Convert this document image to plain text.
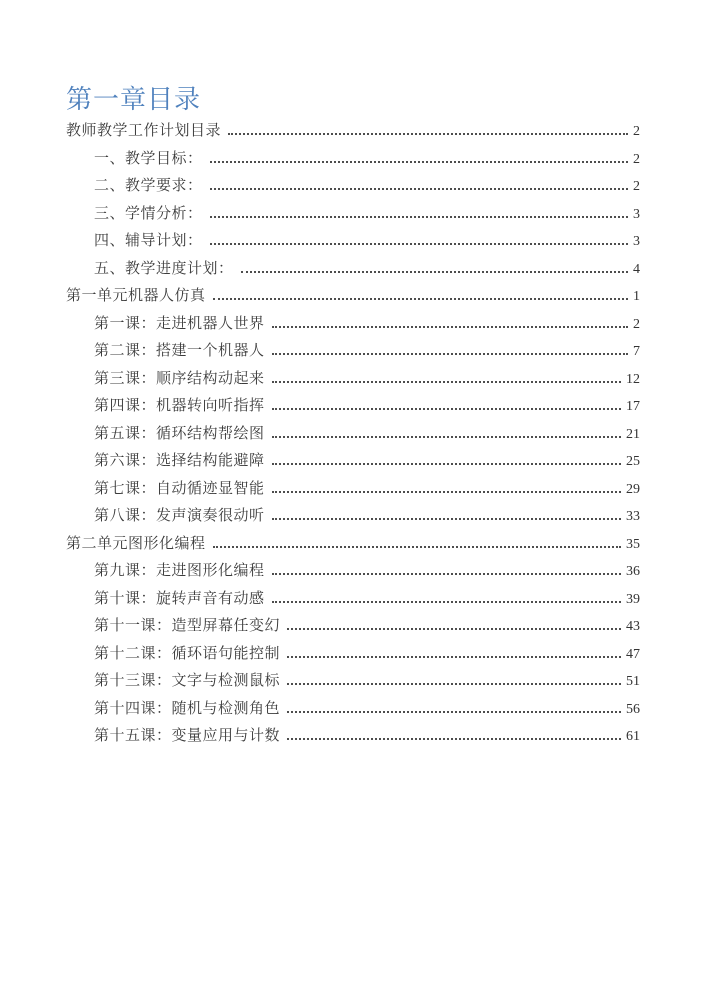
第一章目录
教师教学工作计划目录	2
一、教学目标：	2
二、教学要求：	2
三、学情分析：	3
四、辅导计划：	3
五、教学进度计划：	4
第一单元机器人仿真	1
第一课：走进机器人世界	2
第二课：搭建一个机器人	7
第三课：顺序结构动起来	12
第四课：机器转向听指挥	17
第五课：循环结构帮绘图	21
第六课：选择结构能避障	25
第七课：自动循迹显智能	29
第八课：发声演奏很动听	33
第二单元图形化编程	35
第九课：走进图形化编程	36
第十课：旋转声音有动感	39
第十一课：造型屏幕任变幻	43
第十二课：循环语句能控制	47
第十三课：文字与检测鼠标	51
第十四课：随机与检测角色	56
第十五课：变量应用与计数	61
